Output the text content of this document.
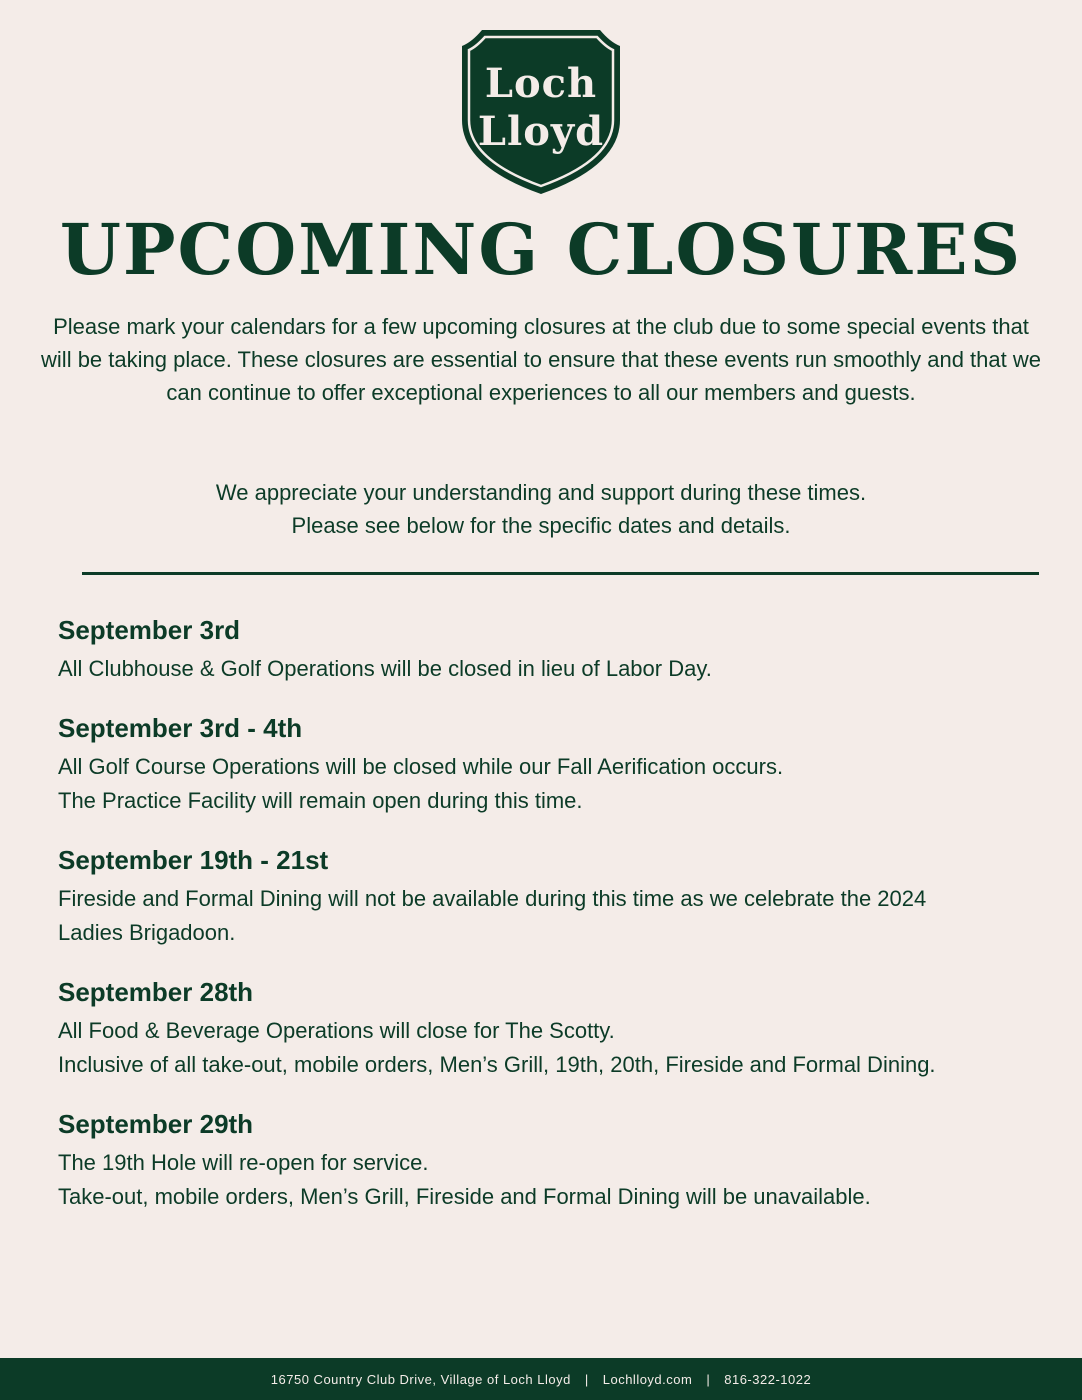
Loch
Lloyd
UPCOMING CLOSURES

Please mark your calendars for a few upcoming closures at the club due to some special events that will be taking place. These closures are essential to ensure that these events run smoothly and that we can continue to offer exceptional experiences to all our members and guests.

We appreciate your understanding and support during these times.
Please see below for the specific dates and details.

September 3rd

All Clubhouse & Golf Operations will be closed in lieu of Labor Day.

September 3rd - 4th

All Golf Course Operations will be closed while our Fall Aerification occurs.

The Practice Facility will remain open during this time.

September 19th - 21st

Fireside and Formal Dining will not be available during this time as we celebrate the 2024

Ladies Brigadoon.

September 28th

All Food & Beverage Operations will close for The Scotty.

Inclusive of all take-out, mobile orders, Men’s Grill, 19th, 20th, Fireside and Formal Dining.

September 29th

The 19th Hole will re-open for service.

Take-out, mobile orders, Men’s Grill, Fireside and Formal Dining will be unavailable.

16750 Country Club Drive, Village of Loch Lloyd | Lochlloyd.com | 816-322-1022
